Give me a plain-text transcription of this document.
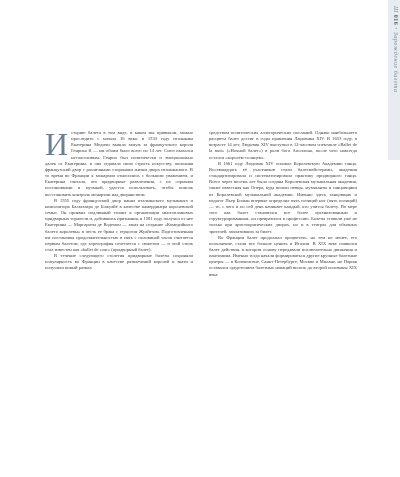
Ш 016 • Зарождение балета

Историю балета в том виде, в каком мы привыкли, можно проследить с начала 16 века: в 1533 году итальянка Екатерина Медичи вышла замуж за французского короля Генриха II — им обоим было всего по 14 лет. Союз оказался несчастливым. Генрих был политически и эмоционально далек от Екатерины, и она отдавала свою страсть искусству, пополняя французский двор с различными сторонами жизни двора итальянского. В то время во Франции к монархии относились с большим уважением, и Екатерина считала, что придворные развлечения, с их сорными постановками и музыкой, удастся использовать, чтобы помочь восстановить контроль монархии над дворянством.

В 1555 году французский двор нанял итальянского музыканта и композитора Бальтазара де Божуайё в качестве камердинера королевской семьи. Он проявил подлинный талант в организации многоплановых придворных торжеств и, добившись признания, в 1581 году получил от нее Екатерины — Маргариты де Водемон — заказ на создание «Комедийного балета королевы» в честь ее брака с герцогом Жуайезом. Подготовленная им постановка продолжительностью в пять с половиной часов считается первым балетом, где хореография сочетается с сюжетом — и этой стиль стал известен как «ballet de cour» (придворный балет).

В течение следующего столетия придворные балеты сохраняли популярность во Франции в качестве развлечений королей и знати и получили новый размах

средством политических аллегорических посланий. Однако наибольшего расцвета балет достиг в годы правления Людовика XIV. В 1653 году, в возрасте 14 лет, Людовик XIV выступил в 12-часовом спектакле «Ballet de la nuit» («Ночной балет») в роли бога Аполлона, после чего навсегда остался «королём-солнцем».

В 1661 году Людовик XIV основал Королевскую Академию танца. Восемнадцать её участников стали балетмейстерами, академия стандартизировала и систематизировала практику придворного танца. Всего через восемь лет была создана Королевская музыкальная академия, также известная как Опера, куда вошли певцы, музыканты и танцовщики из Королевской музыкальной академии. Именно здесь танцовщик и педагог Пьер Бошан впервые определил пять позиций ног (пять позиций) — то, с чего и по сей день начинает каждый, кто учится балету. По мере того как балет становился все более организованным и структурированным, он превратился в профессию. Балеты ставили уже не только при аристократических дворах, но и в театрах для обычных зрителей, заплативших за билет.

Во Франции балет продолжал процветать, но тем не менее, его исполнение, стали все больше ценить в Италии. В XIX веке появился балет действия, в котором основу передавали исключительно движения и пантомима. Именно тогда начали формироваться другие крупные балетные центры — в Копенгагене, Санкт-Петербурге, Москве и Милане, но Париж оставался средоточием балетных новаций вплоть до второй половины XIX века.
